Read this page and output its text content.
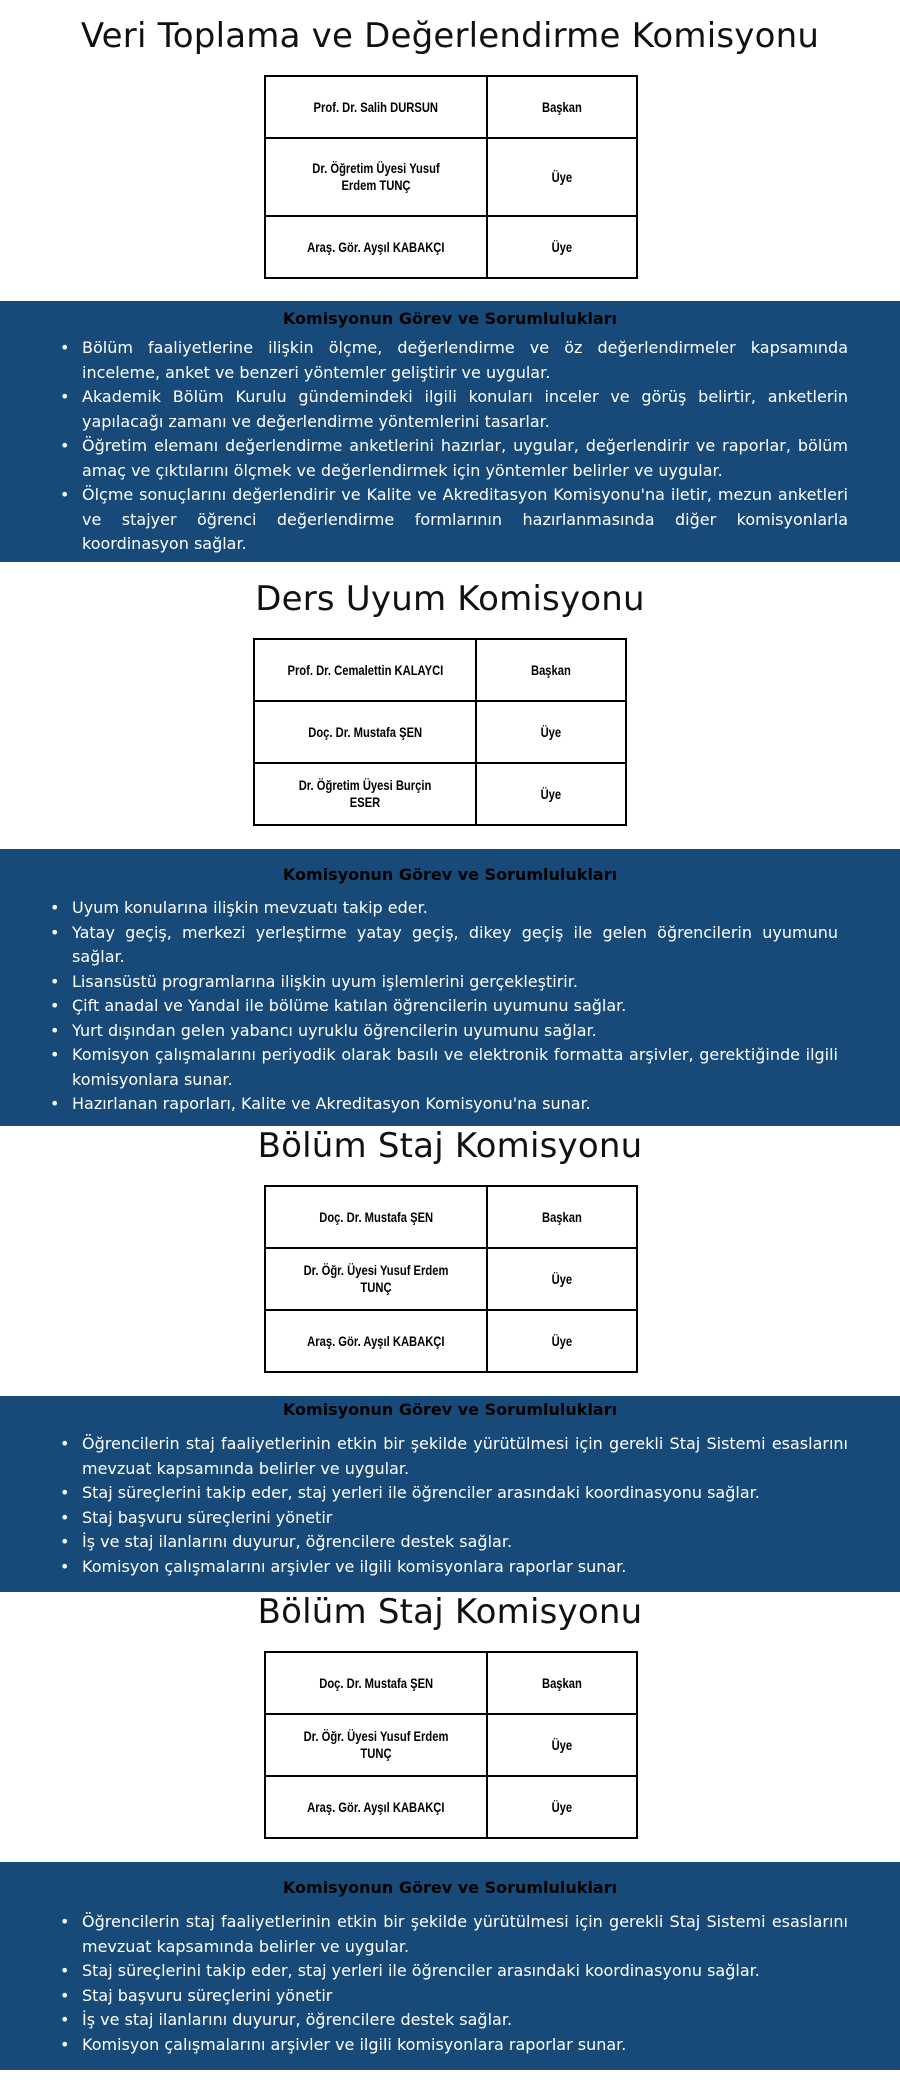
Veri Toplama ve Değerlendirme Komisyonu
Prof. Dr. Salih DURSUN	Başkan
Dr. Öğretim Üyesi Yusuf Erdem TUNÇ	Üye
Araş. Gör. Ayşıl KABAKÇI	Üye
Komisyonun Görev ve Sorumlulukları
• Bölüm faaliyetlerine ilişkin ölçme, değerlendirme ve öz değerlendirmeler kapsamında inceleme, anket ve benzeri yöntemler geliştirir ve uygular.
• Akademik Bölüm Kurulu gündemindeki ilgili konuları inceler ve görüş belirtir, anketlerin yapılacağı zamanı ve değerlendirme yöntemlerini tasarlar.
• Öğretim elemanı değerlendirme anketlerini hazırlar, uygular, değerlendirir ve raporlar, bölüm amaç ve çıktılarını ölçmek ve değerlendirmek için yöntemler belirler ve uygular.
• Ölçme sonuçlarını değerlendirir ve Kalite ve Akreditasyon Komisyonu'na iletir, mezun anketleri ve stajyer öğrenci değerlendirme formlarının hazırlanmasında diğer komisyonlarla koordinasyon sağlar.
Ders Uyum Komisyonu
Prof. Dr. Cemalettin KALAYCI	Başkan
Doç. Dr. Mustafa ŞEN	Üye
Dr. Öğretim Üyesi Burçin ESER	Üye
Komisyonun Görev ve Sorumlulukları
• Uyum konularına ilişkin mevzuatı takip eder.
• Yatay geçiş, merkezi yerleştirme yatay geçiş, dikey geçiş ile gelen öğrencilerin uyumunu sağlar.
• Lisansüstü programlarına ilişkin uyum işlemlerini gerçekleştirir.
• Çift anadal ve Yandal ile bölüme katılan öğrencilerin uyumunu sağlar.
• Yurt dışından gelen yabancı uyruklu öğrencilerin uyumunu sağlar.
• Komisyon çalışmalarını periyodik olarak basılı ve elektronik formatta arşivler, gerektiğinde ilgili komisyonlara sunar.
• Hazırlanan raporları, Kalite ve Akreditasyon Komisyonu'na sunar.
Bölüm Staj Komisyonu
Doç. Dr. Mustafa ŞEN	Başkan
Dr. Öğr. Üyesi Yusuf Erdem TUNÇ	Üye
Araş. Gör. Ayşıl KABAKÇI	Üye
Komisyonun Görev ve Sorumlulukları
• Öğrencilerin staj faaliyetlerinin etkin bir şekilde yürütülmesi için gerekli Staj Sistemi esaslarını mevzuat kapsamında belirler ve uygular.
• Staj süreçlerini takip eder, staj yerleri ile öğrenciler arasındaki koordinasyonu sağlar.
• Staj başvuru süreçlerini yönetir
• İş ve staj ilanlarını duyurur, öğrencilere destek sağlar.
• Komisyon çalışmalarını arşivler ve ilgili komisyonlara raporlar sunar.
Bölüm Staj Komisyonu
Doç. Dr. Mustafa ŞEN	Başkan
Dr. Öğr. Üyesi Yusuf Erdem TUNÇ	Üye
Araş. Gör. Ayşıl KABAKÇI	Üye
Komisyonun Görev ve Sorumlulukları
• Öğrencilerin staj faaliyetlerinin etkin bir şekilde yürütülmesi için gerekli Staj Sistemi esaslarını mevzuat kapsamında belirler ve uygular.
• Staj süreçlerini takip eder, staj yerleri ile öğrenciler arasındaki koordinasyonu sağlar.
• Staj başvuru süreçlerini yönetir
• İş ve staj ilanlarını duyurur, öğrencilere destek sağlar.
• Komisyon çalışmalarını arşivler ve ilgili komisyonlara raporlar sunar.
